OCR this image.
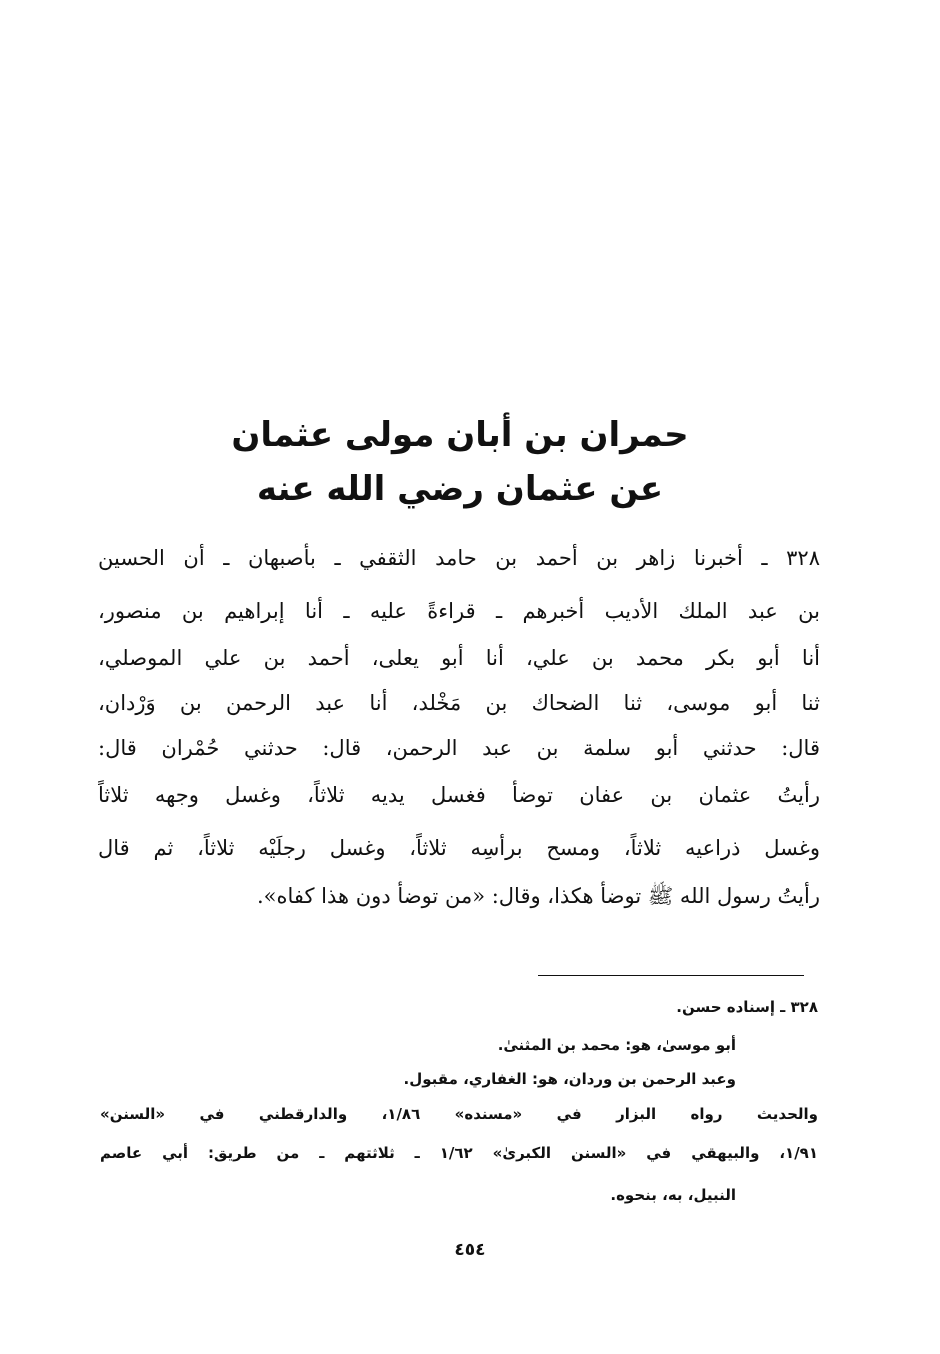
حمران بن أبان مولى عثمان
عن عثمان رضي الله عنه
٣٢٨ ـ أخبرنا زاهر بن أحمد بن حامد الثقفي ـ بأصبهان ـ أن الحسين
بن عبد الملك الأديب أخبرهم ـ قراءةً عليه ـ أنا إبراهيم بن منصور،
أنا أبو بكر محمد بن علي، أنا أبو يعلى، أحمد بن علي الموصلي،
ثنا أبو موسى، ثنا الضحاك بن مَخْلد، أنا عبد الرحمن بن وَرْدان،
قال: حدثني أبو سلمة بن عبد الرحمن، قال: حدثني حُمْران قال:
رأيتُ عثمان بن عفان توضأ فغسل يديه ثلاثاً، وغسل وجهه ثلاثاً
وغسل ذراعيه ثلاثاً، ومسح برأسِه ثلاثاً، وغسل رجلَيْه ثلاثاً، ثم قال
رأيتُ رسول الله ﷺ توضأ هكذا، وقال: «من توضأ دون هذا كفاه».
٣٢٨ ـ إسناده حسن.
أبو موسىٰ، هو: محمد بن المثنىٰ.
وعبد الرحمن بن وردان، هو: الغفاري، مقبول.
والحديث رواه البزار في «مسنده» ١/٨٦، والدارقطني في «السنن»
١/٩١، والبيهقي في «السنن الكبرىٰ» ١/٦٢ ـ ثلاثتهم ـ من طريق: أبي عاصم
النبيل، به، بنحوه.
٤٥٤
